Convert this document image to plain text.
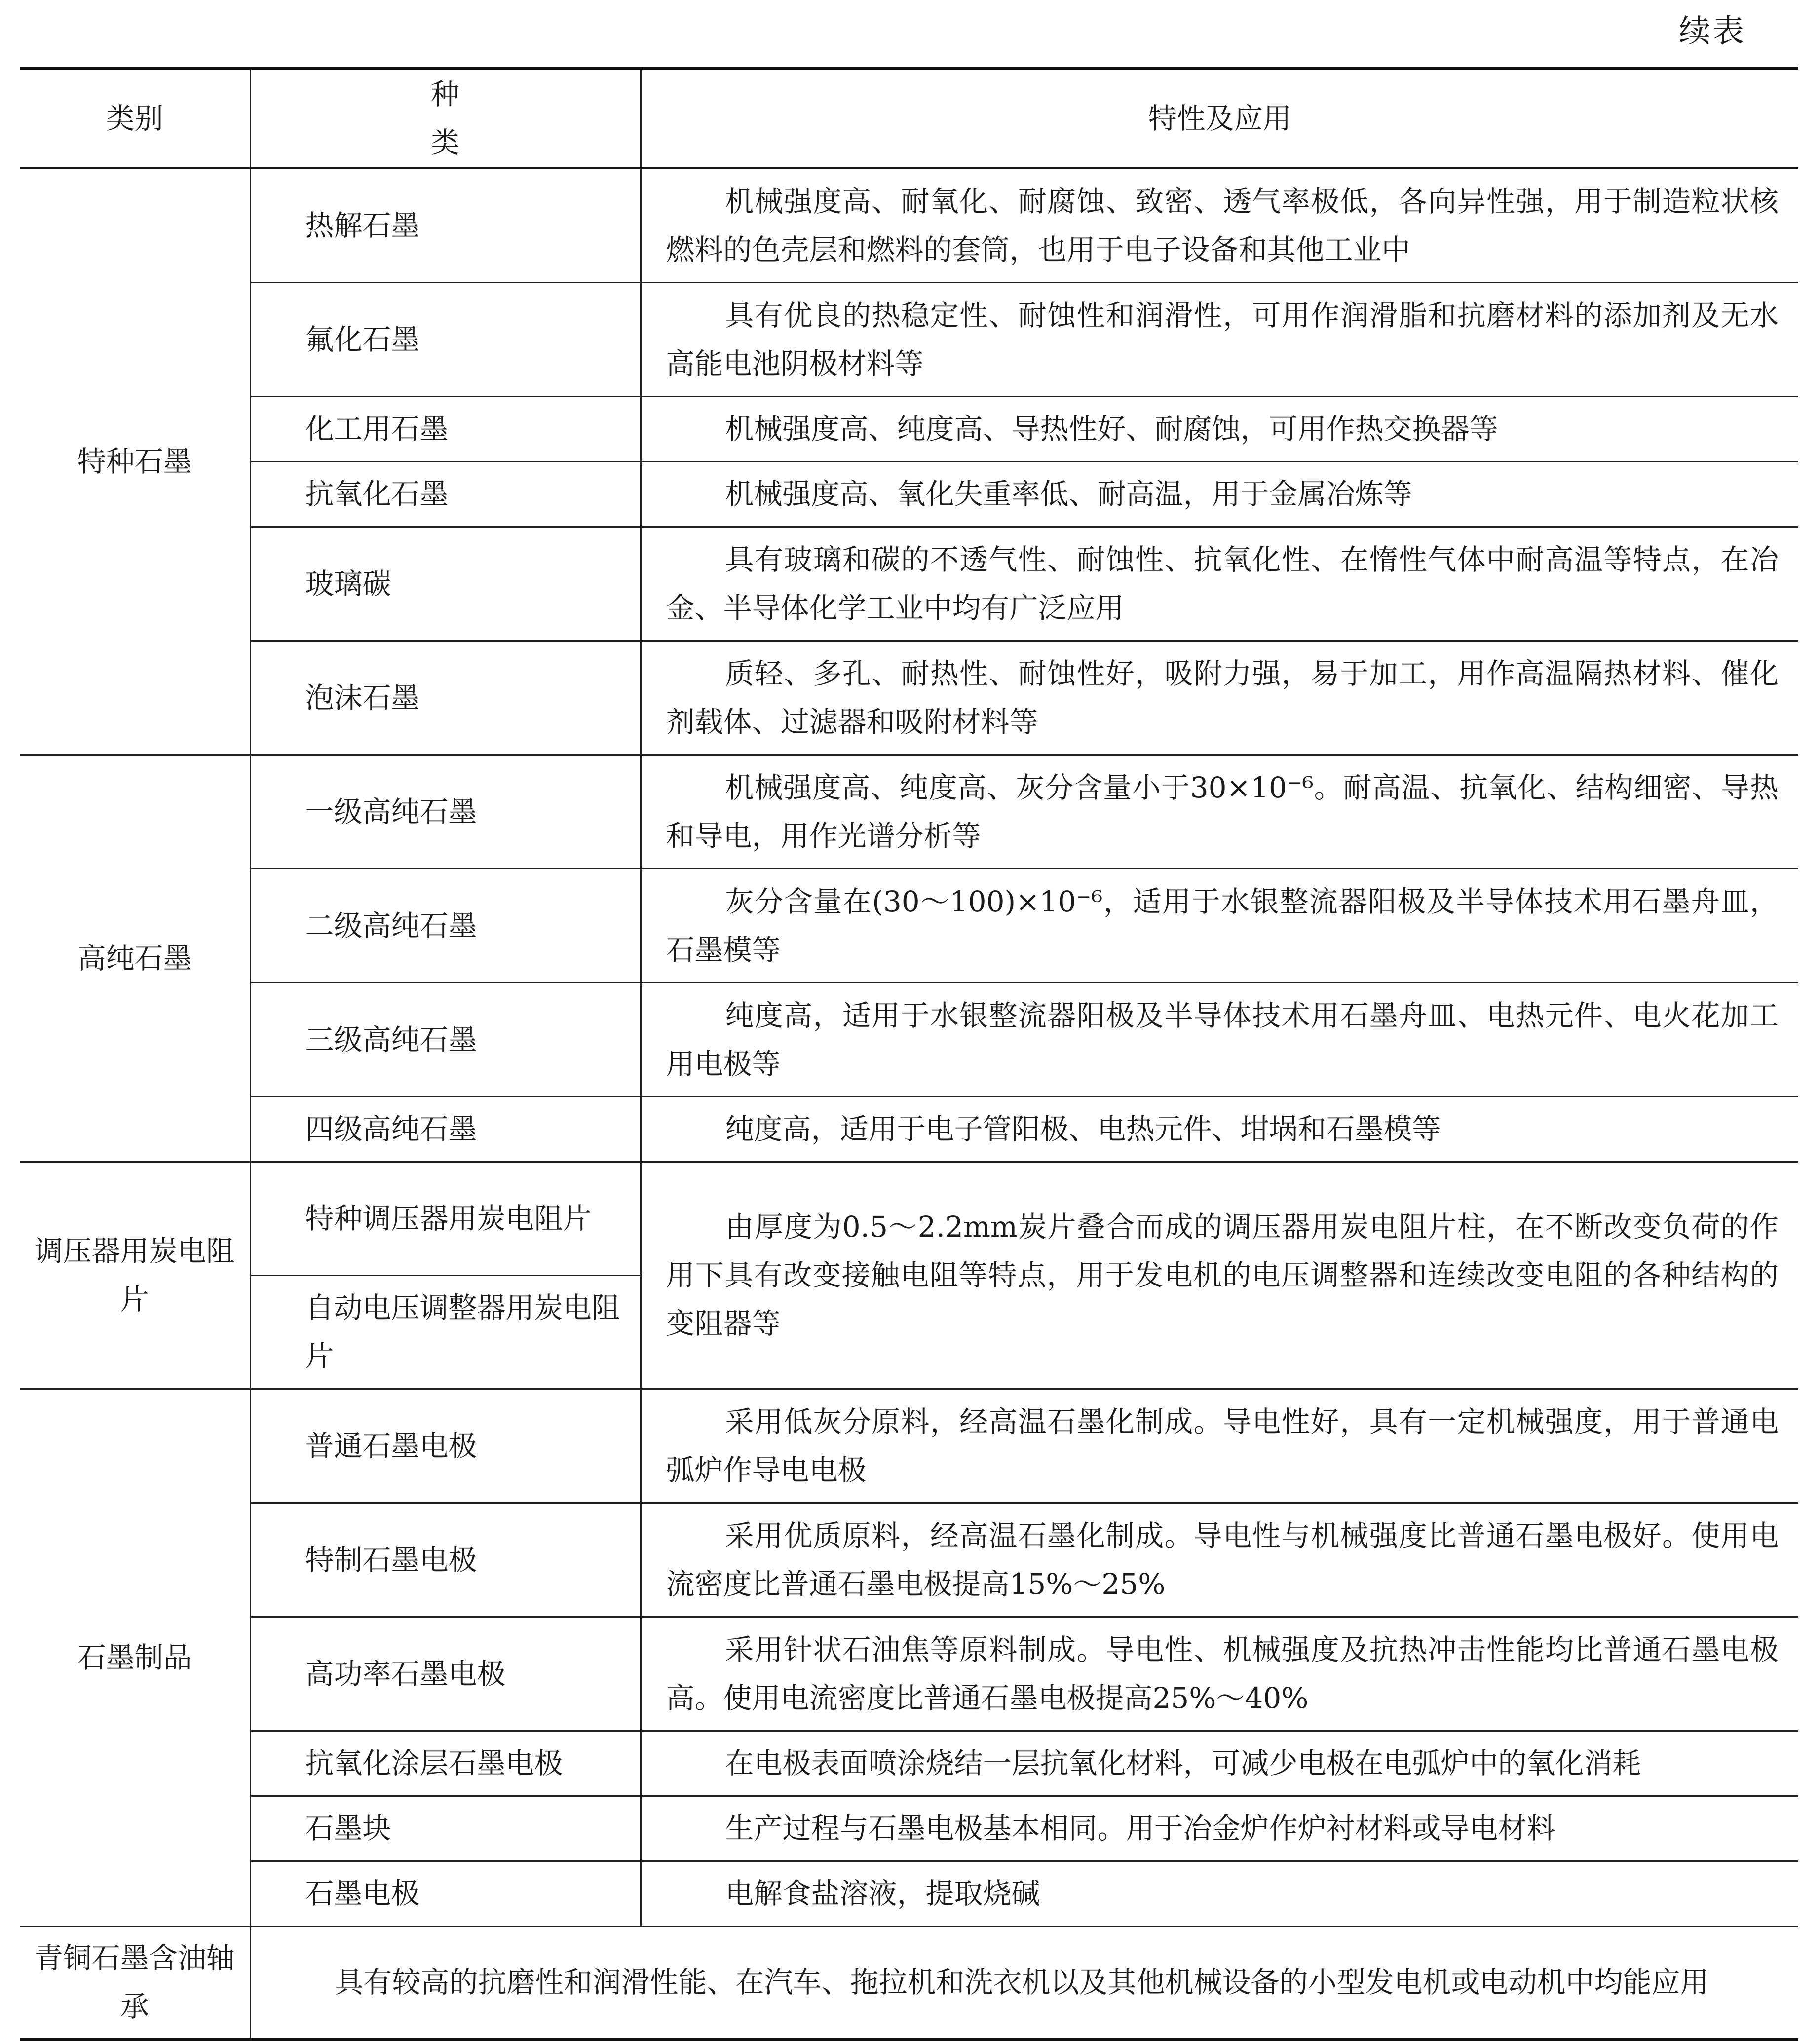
续表
类别	种　　类	特性及应用
特种石墨	热解石墨	机械强度高、耐氧化、耐腐蚀、致密、透气率极低，各向异性强，用于制造粒状核燃料的色壳层和燃料的套筒，也用于电子设备和其他工业中
	氟化石墨	具有优良的热稳定性、耐蚀性和润滑性，可用作润滑脂和抗磨材料的添加剂及无水高能电池阴极材料等
	化工用石墨	机械强度高、纯度高、导热性好、耐腐蚀，可用作热交换器等
	抗氧化石墨	机械强度高、氧化失重率低、耐高温，用于金属冶炼等
	玻璃碳	具有玻璃和碳的不透气性、耐蚀性、抗氧化性、在惰性气体中耐高温等特点，在冶金、半导体化学工业中均有广泛应用
	泡沫石墨	质轻、多孔、耐热性、耐蚀性好，吸附力强，易于加工，用作高温隔热材料、催化剂载体、过滤器和吸附材料等
高纯石墨	一级高纯石墨	机械强度高、纯度高、灰分含量小于30×10⁻⁶。耐高温、抗氧化、结构细密、导热和导电，用作光谱分析等
	二级高纯石墨	灰分含量在(30～100)×10⁻⁶，适用于水银整流器阳极及半导体技术用石墨舟皿，石墨模等
	三级高纯石墨	纯度高，适用于水银整流器阳极及半导体技术用石墨舟皿、电热元件、电火花加工用电极等
	四级高纯石墨	纯度高，适用于电子管阳极、电热元件、坩埚和石墨模等
调压器用炭电阻片	特种调压器用炭电阻片	由厚度为0.5～2.2mm炭片叠合而成的调压器用炭电阻片柱，在不断改变负荷的作用下具有改变接触电阻等特点，用于发电机的电压调整器和连续改变电阻的各种结构的变阻器等
	自动电压调整器用炭电阻片	
石墨制品	普通石墨电极	采用低灰分原料，经高温石墨化制成。导电性好，具有一定机械强度，用于普通电弧炉作导电电极
	特制石墨电极	采用优质原料，经高温石墨化制成。导电性与机械强度比普通石墨电极好。使用电流密度比普通石墨电极提高15%～25%
	高功率石墨电极	采用针状石油焦等原料制成。导电性、机械强度及抗热冲击性能均比普通石墨电极高。使用电流密度比普通石墨电极提高25%～40%
	抗氧化涂层石墨电极	在电极表面喷涂烧结一层抗氧化材料，可减少电极在电弧炉中的氧化消耗
	石墨块	生产过程与石墨电极基本相同。用于冶金炉作炉衬材料或导电材料
	石墨电极	电解食盐溶液，提取烧碱
青铜石墨含油轴承	具有较高的抗磨性和润滑性能、在汽车、拖拉机和洗衣机以及其他机械设备的小型发电机或电动机中均能应用	
